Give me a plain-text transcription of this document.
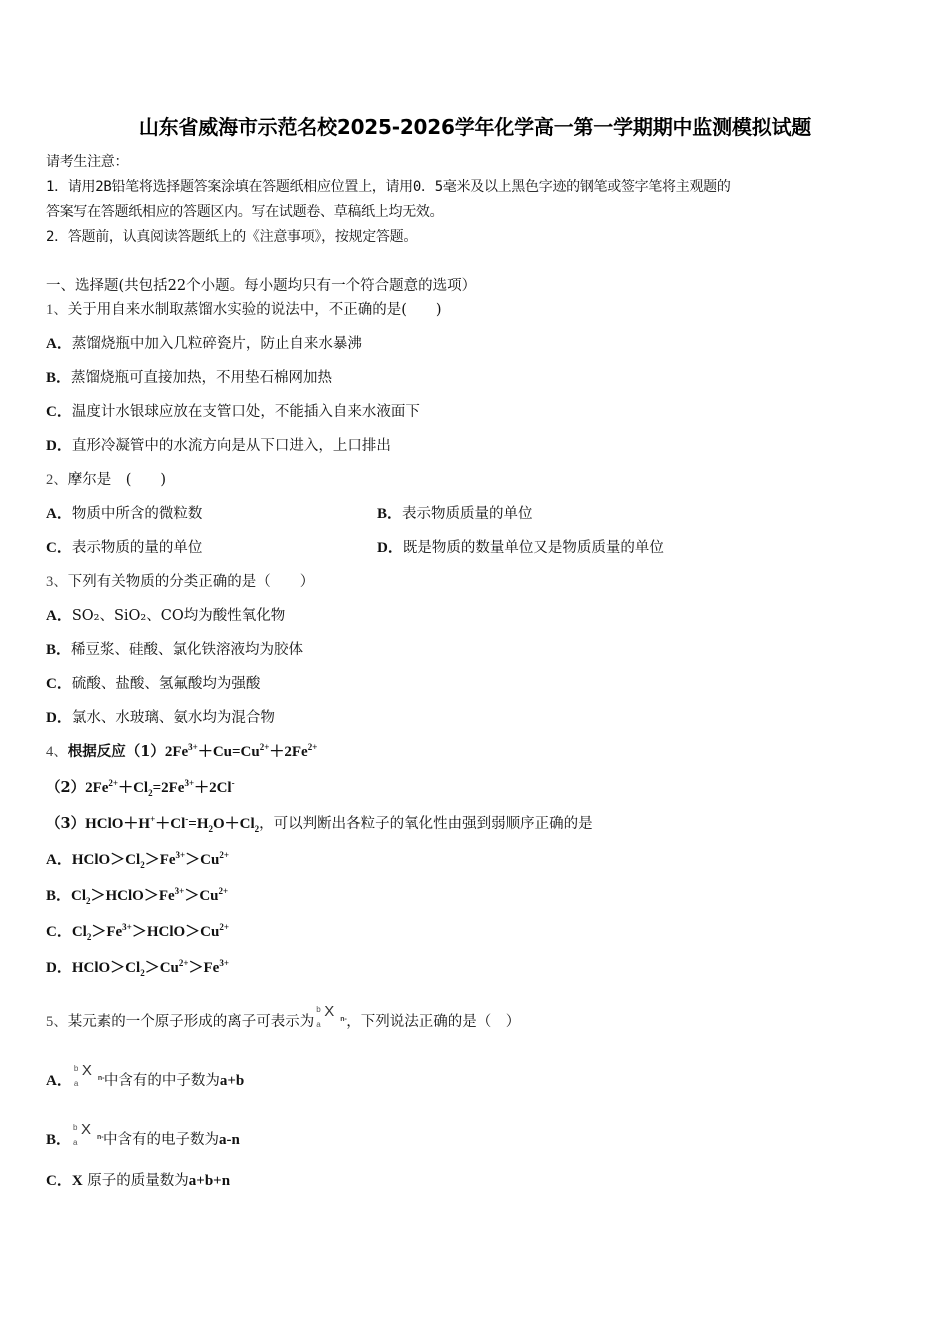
山东省威海市示范名校2025-2026学年化学高一第一学期期中监测模拟试题
请考生注意：
1．请用2B铅笔将选择题答案涂填在答题纸相应位置上，请用0．5毫米及以上黑色字迹的钢笔或签字笔将主观题的
答案写在答题纸相应的答题区内。写在试题卷、草稿纸上均无效。
2．答题前，认真阅读答题纸上的《注意事项》，按规定答题。
一、选择题(共包括22个小题。每小题均只有一个符合题意的选项）
1、关于用自来水制取蒸馏水实验的说法中，不正确的是(　　)
A．蒸馏烧瓶中加入几粒碎瓷片，防止自来水暴沸
B．蒸馏烧瓶可直接加热，不用垫石棉网加热
C．温度计水银球应放在支管口处，不能插入自来水液面下
D．直形冷凝管中的水流方向是从下口进入，上口排出
2、摩尔是　(　　)
A．物质中所含的微粒数	B．表示物质质量的单位
C．表示物质的量的单位	D．既是物质的数量单位又是物质质量的单位
3、下列有关物质的分类正确的是（　　）
A．SO₂、SiO₂、CO均为酸性氧化物
B．稀豆浆、硅酸、氯化铁溶液均为胶体
C．硫酸、盐酸、氢氟酸均为强酸
D．氯水、水玻璃、氨水均为混合物
4、根据反应$(1)2Fe^{3+}+Cu=Cu^{2+}+2Fe^{2+}$
$(2)2Fe^{2+}+Cl_2=2Fe^{3+}+2Cl^-$
$(3)HClO+H^++Cl^-=H_2O+Cl_2$，可以判断出各粒子的氧化性由强到弱顺序正确的是
A．$HClO>Cl_2>Fe^{3+}>Cu^{2+}$
B．$Cl_2>HClO>Fe^{3+}>Cu^{2+}$
C．$Cl_2>Fe^{3+}>HClO>Cu^{2+}$
D．$HClO>Cl_2>Cu^{2+}>Fe^{3+}$
5、某元素的一个原子形成的离子可表示为
b
a
X n- ，下列说法正确的是（　）
A．
b
a
X n- 中含有的中子数为a+b
B．
b
a
X n- 中含有的电子数为a-n
C．X 原子的质量数为a+b+n
